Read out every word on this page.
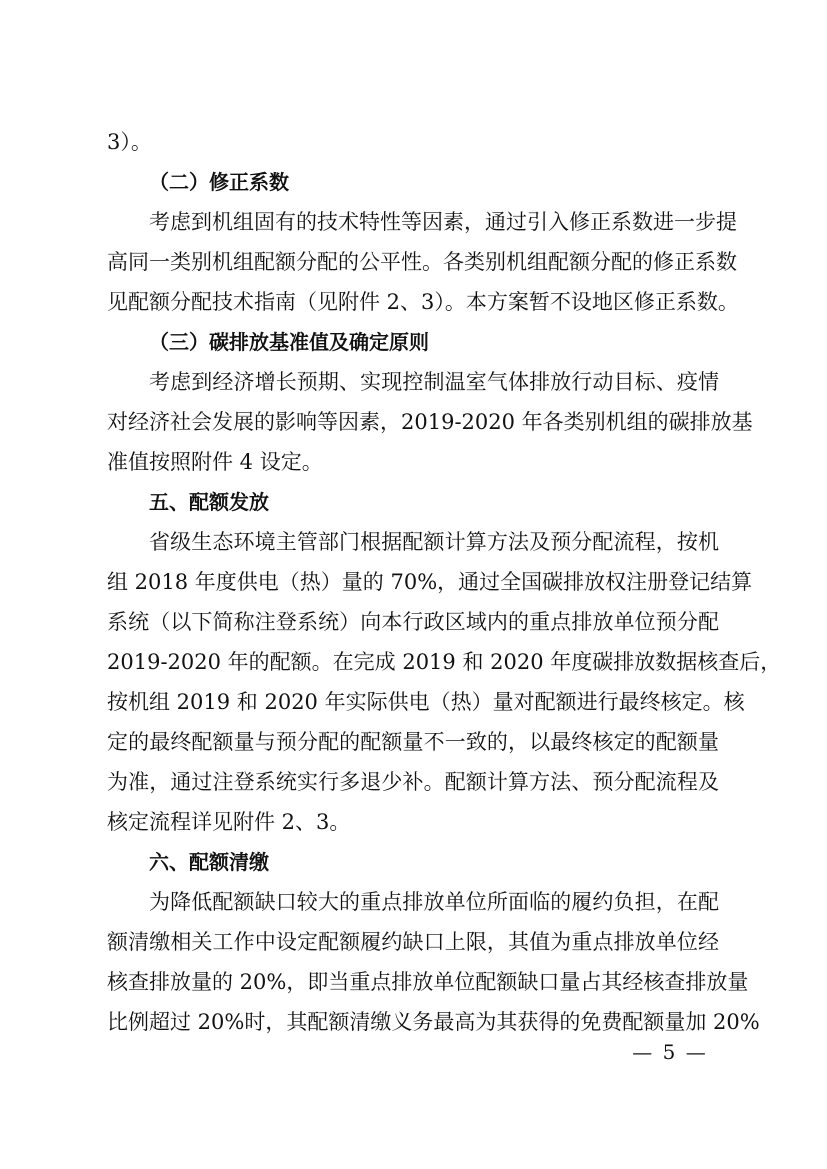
3）。
（二）修正系数
考虑到机组固有的技术特性等因素，通过引入修正系数进一步提
高同一类别机组配额分配的公平性。各类别机组配额分配的修正系数
见配额分配技术指南（见附件 2、3）。本方案暂不设地区修正系数。
（三）碳排放基准值及确定原则
考虑到经济增长预期、实现控制温室气体排放行动目标、疫情
对经济社会发展的影响等因素，2019-2020 年各类别机组的碳排放基
准值按照附件 4 设定。
五、配额发放
省级生态环境主管部门根据配额计算方法及预分配流程，按机
组 2018 年度供电（热）量的 70%，通过全国碳排放权注册登记结算
系统（以下简称注登系统）向本行政区域内的重点排放单位预分配
2019-2020 年的配额。在完成 2019 和 2020 年度碳排放数据核查后，
按机组 2019 和 2020 年实际供电（热）量对配额进行最终核定。核
定的最终配额量与预分配的配额量不一致的，以最终核定的配额量
为准，通过注登系统实行多退少补。配额计算方法、预分配流程及
核定流程详见附件 2、3。
六、配额清缴
为降低配额缺口较大的重点排放单位所面临的履约负担，在配
额清缴相关工作中设定配额履约缺口上限，其值为重点排放单位经
核查排放量的 20%，即当重点排放单位配额缺口量占其经核查排放量
比例超过 20%时，其配额清缴义务最高为其获得的免费配额量加 20%
— 5 —
